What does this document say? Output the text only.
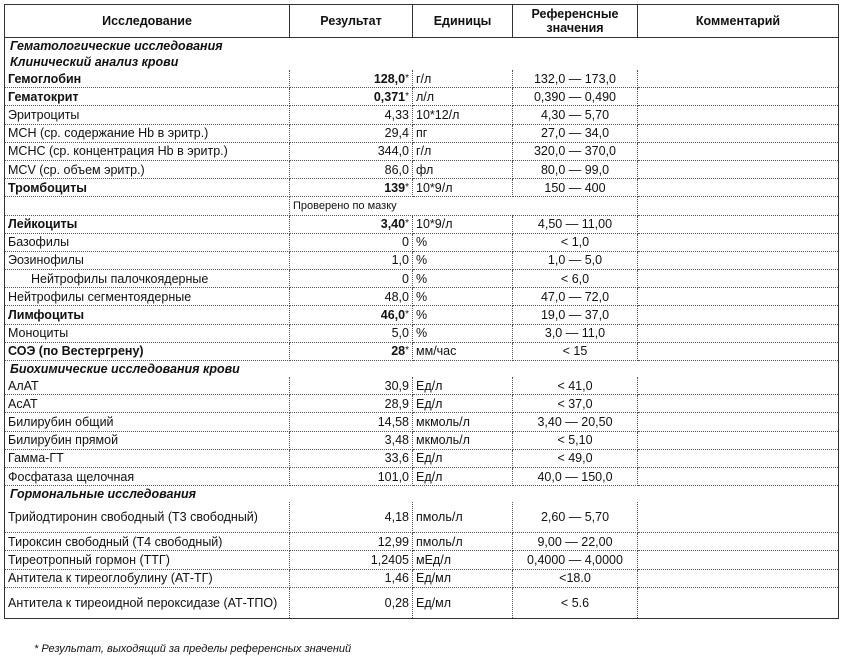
Исследование	Результат	Единицы	Референсные значения	Комментарий
Гематологические исследования				
Клинический анализ крови				
Гемоглобин	128,0*	г/л	132,0 — 173,0	
Гематокрит	0,371*	л/л	0,390 — 0,490	
Эритроциты	4,33	10*12/л	4,30 — 5,70	
MCH (ср. содержание Hb в эритр.)	29,4	пг	27,0 — 34,0	
MCHC (ср. концентрация Hb в эритр.)	344,0	г/л	320,0 — 370,0	
MCV (ср. объем эритр.)	86,0	фл	80,0 — 99,0	
Тромбоциты	139*	10*9/л	150 — 400	
	Проверено по мазку			
Лейкоциты	3,40*	10*9/л	4,50 — 11,00	
Базофилы	0	%	< 1,0	
Эозинофилы	1,0	%	1,0 — 5,0	
Нейтрофилы палочкоядерные	0	%	< 6,0	
Нейтрофилы сегментоядерные	48,0	%	47,0 — 72,0	
Лимфоциты	46,0*	%	19,0 — 37,0	
Моноциты	5,0	%	3,0 — 11,0	
СОЭ (по Вестергрену)	28*	мм/час	< 15	
Биохимические исследования крови				
АлАТ	30,9	Ед/л	< 41,0	
АсАТ	28,9	Ед/л	< 37,0	
Билирубин общий	14,58	мкмоль/л	3,40 — 20,50	
Билирубин прямой	3,48	мкмоль/л	< 5,10	
Гамма-ГТ	33,6	Ед/л	< 49,0	
Фосфатаза щелочная	101,0	Ед/л	40,0 — 150,0	
Гормональные исследования				
Трийодтиронин свободный (Т3 свободный)	4,18	пмоль/л	2,60 — 5,70	
Тироксин свободный (Т4 свободный)	12,99	пмоль/л	9,00 — 22,00	
Тиреотропный гормон (ТТГ)	1,2405	мЕд/л	0,4000 — 4,0000	
Антитела к тиреоглобулину (АТ-ТГ)	1,46	Ед/мл	<18.0	
Антитела к тиреоидной пероксидазе (АТ-ТПО)	0,28	Ед/мл	< 5.6	
* Результат, выходящий за пределы референсных значений
